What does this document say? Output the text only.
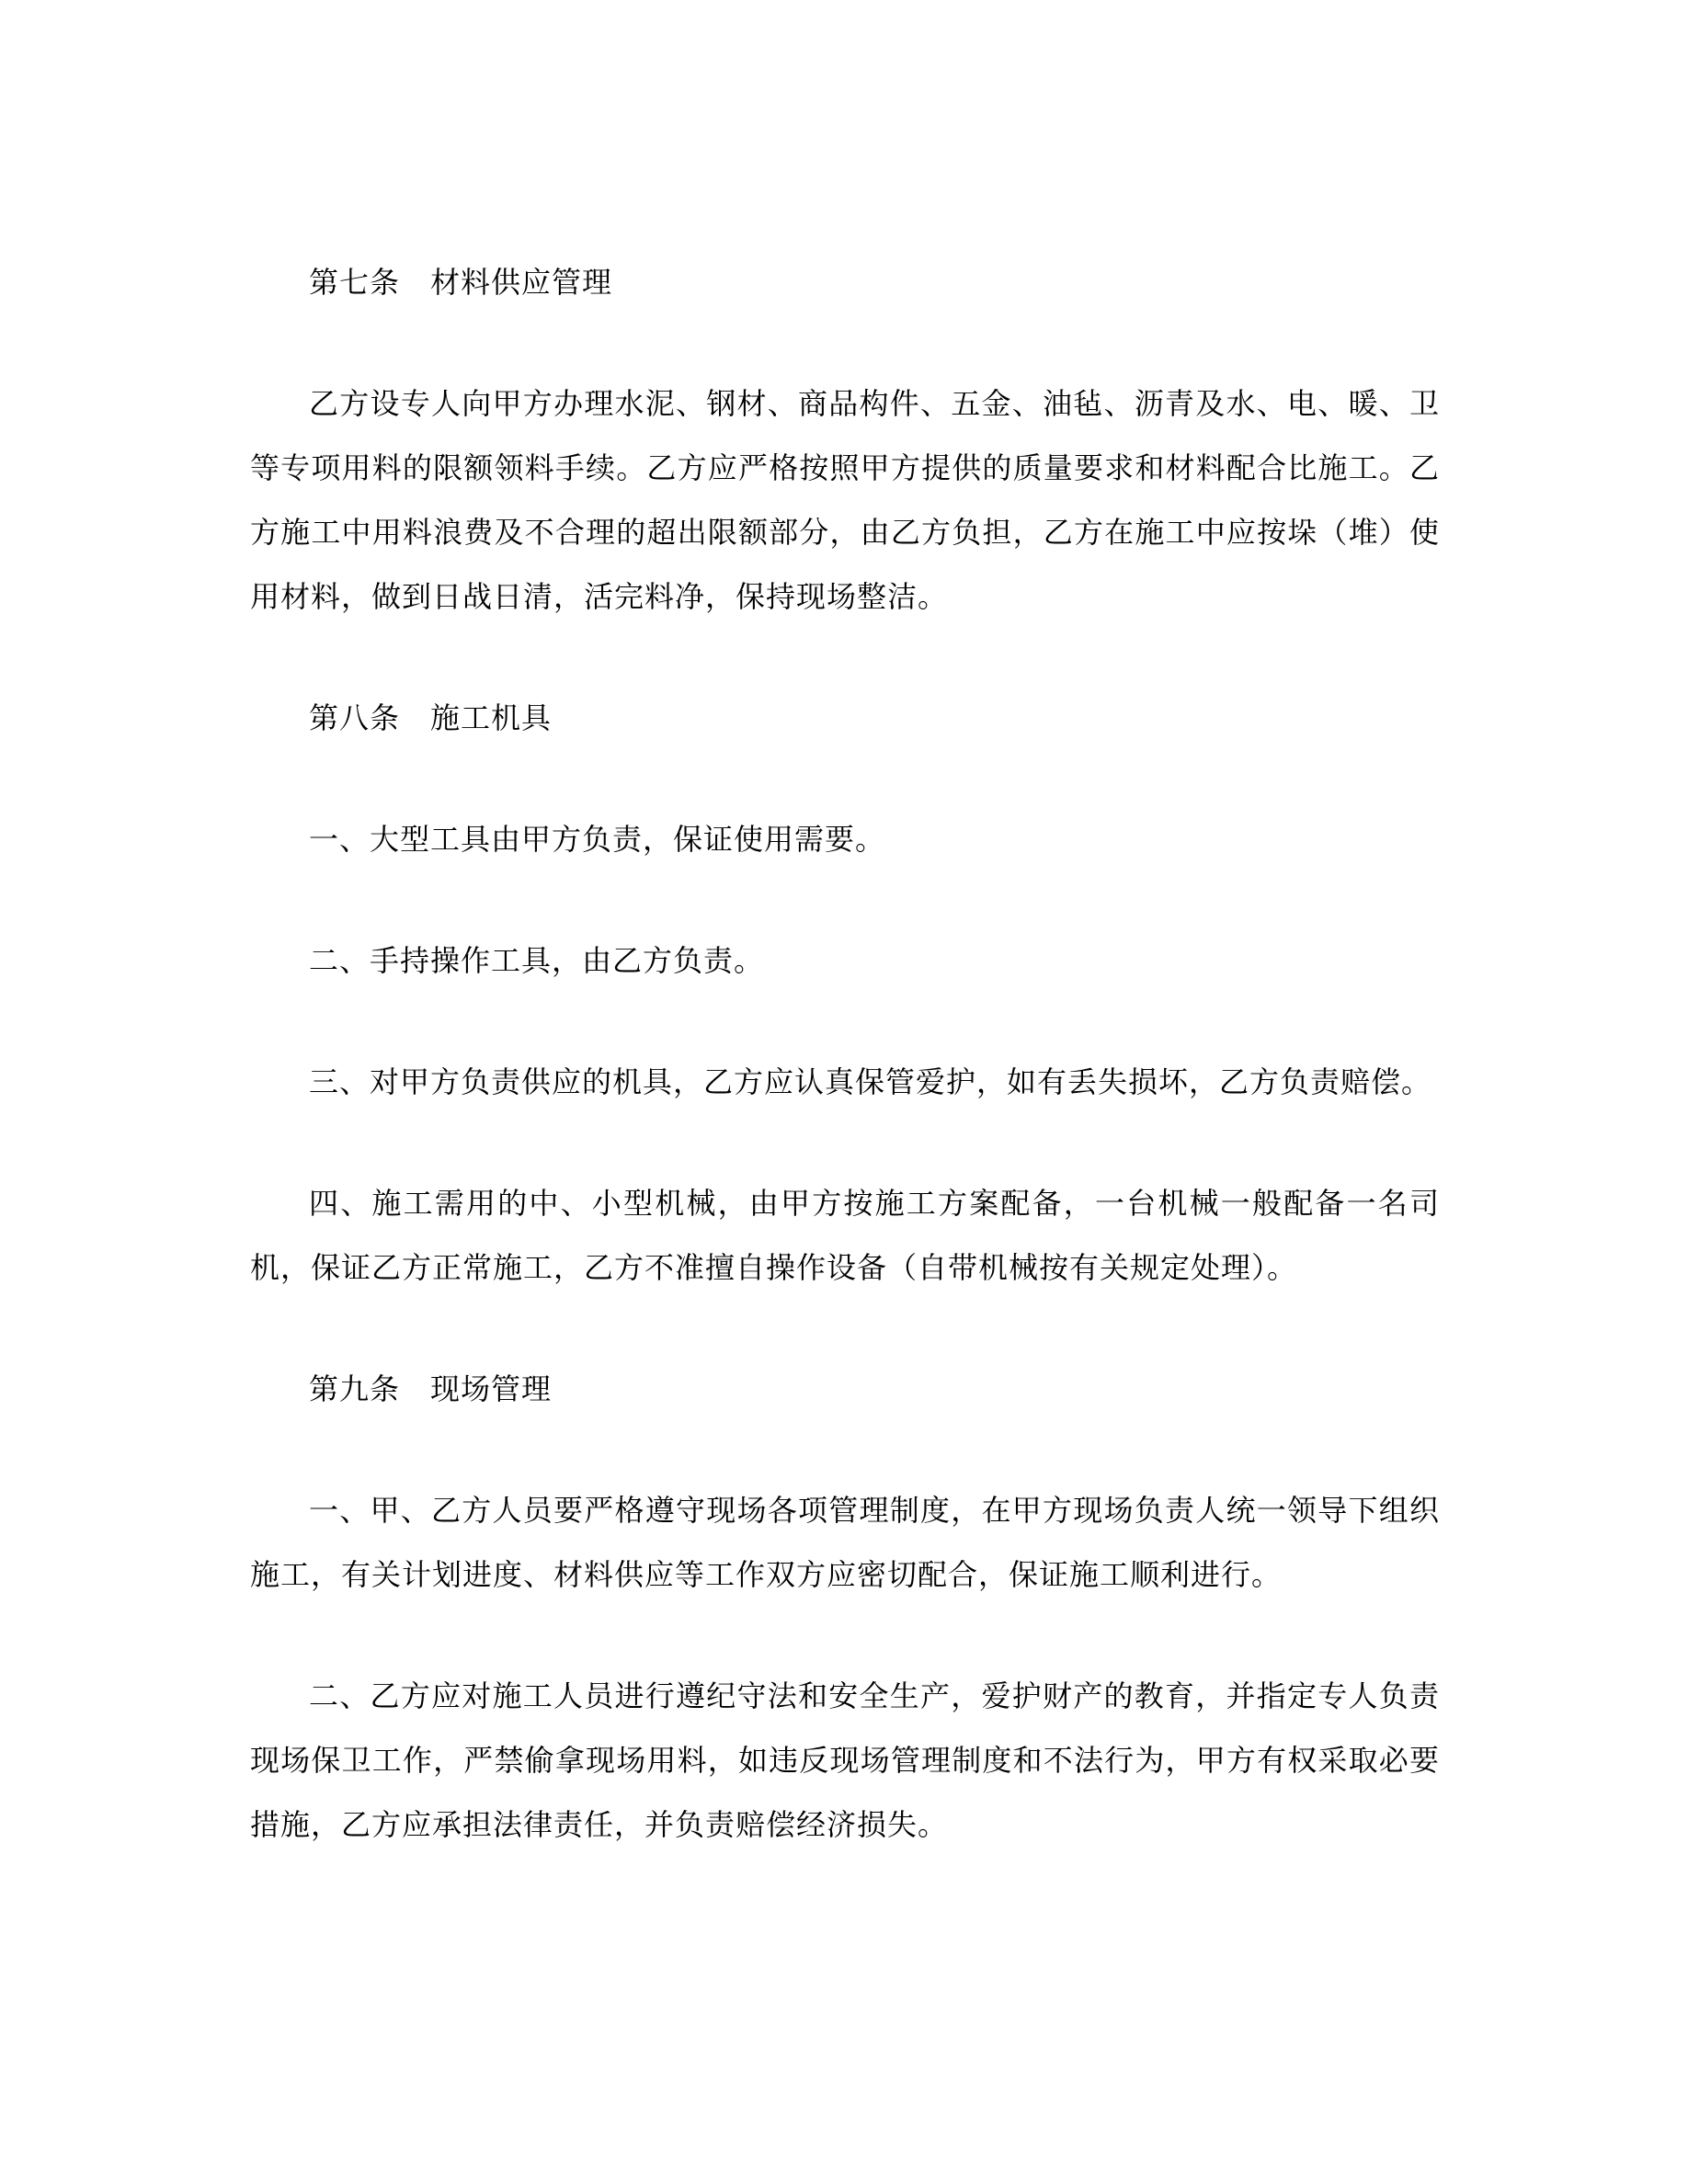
第七条　材料供应管理
乙方设专人向甲方办理水泥、钢材、商品构件、五金、油毡、沥青及水、电、暖、卫等专项用料的限额领料手续。乙方应严格按照甲方提供的质量要求和材料配合比施工。乙方施工中用料浪费及不合理的超出限额部分，由乙方负担，乙方在施工中应按垛（堆）使用材料，做到日战日清，活完料净，保持现场整洁。
第八条　施工机具
一、大型工具由甲方负责，保证使用需要。
二、手持操作工具，由乙方负责。
三、对甲方负责供应的机具，乙方应认真保管爱护，如有丢失损坏，乙方负责赔偿。
四、施工需用的中、小型机械，由甲方按施工方案配备，一台机械一般配备一名司机，保证乙方正常施工，乙方不准擅自操作设备（自带机械按有关规定处理）。
第九条　现场管理
一、甲、乙方人员要严格遵守现场各项管理制度，在甲方现场负责人统一领导下组织施工，有关计划进度、材料供应等工作双方应密切配合，保证施工顺利进行。
二、乙方应对施工人员进行遵纪守法和安全生产，爱护财产的教育，并指定专人负责现场保卫工作，严禁偷拿现场用料，如违反现场管理制度和不法行为，甲方有权采取必要措施，乙方应承担法律责任，并负责赔偿经济损失。
